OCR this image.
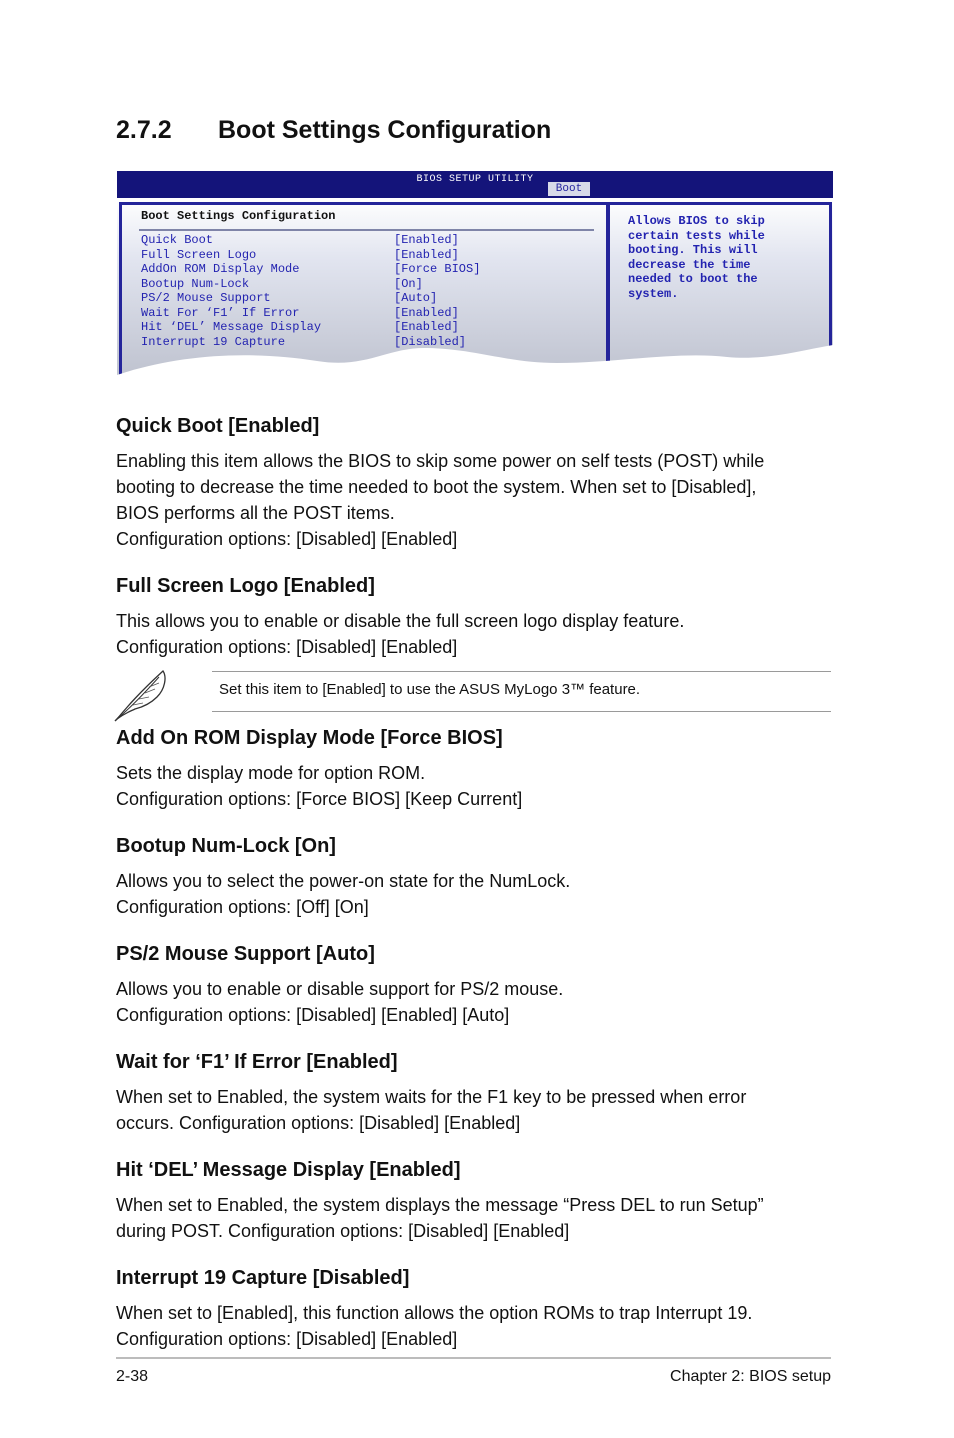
2.7.2 Boot Settings Configuration
BIOS SETUP UTILITY
Boot
Boot Settings Configuration
Quick Boot	[Enabled]
Full Screen Logo	[Enabled]
AddOn ROM Display Mode	[Force BIOS]
Bootup Num-Lock	[On]
PS/2 Mouse Support	[Auto]
Wait For ‘F1’ If Error	[Enabled]
Hit ‘DEL’ Message Display	[Enabled]
Interrupt 19 Capture	[Disabled]
Allows BIOS to skip
certain tests while
booting. This will
decrease the time
needed to boot the
system.
Quick Boot [Enabled]
Enabling this item allows the BIOS to skip some power on self tests (POST) while
booting to decrease the time needed to boot the system. When set to [Disabled],
BIOS performs all the POST items.
Configuration options: [Disabled] [Enabled]
Full Screen Logo [Enabled]
This allows you to enable or disable the full screen logo display feature.
Configuration options: [Disabled] [Enabled]
Set this item to [Enabled] to use the ASUS MyLogo 3™ feature.
Add On ROM Display Mode [Force BIOS]
Sets the display mode for option ROM.
Configuration options: [Force BIOS] [Keep Current]
Bootup Num-Lock [On]
Allows you to select the power-on state for the NumLock.
Configuration options: [Off] [On]
PS/2 Mouse Support [Auto]
Allows you to enable or disable support for PS/2 mouse.
Configuration options: [Disabled] [Enabled] [Auto]
Wait for ‘F1’ If Error [Enabled]
When set to Enabled, the system waits for the F1 key to be pressed when error
occurs. Configuration options: [Disabled] [Enabled]
Hit ‘DEL’ Message Display [Enabled]
When set to Enabled, the system displays the message “Press DEL to run Setup”
during POST. Configuration options: [Disabled] [Enabled]
Interrupt 19 Capture [Disabled]
When set to [Enabled], this function allows the option ROMs to trap Interrupt 19.
Configuration options: [Disabled] [Enabled]
2-38	Chapter 2: BIOS setup
